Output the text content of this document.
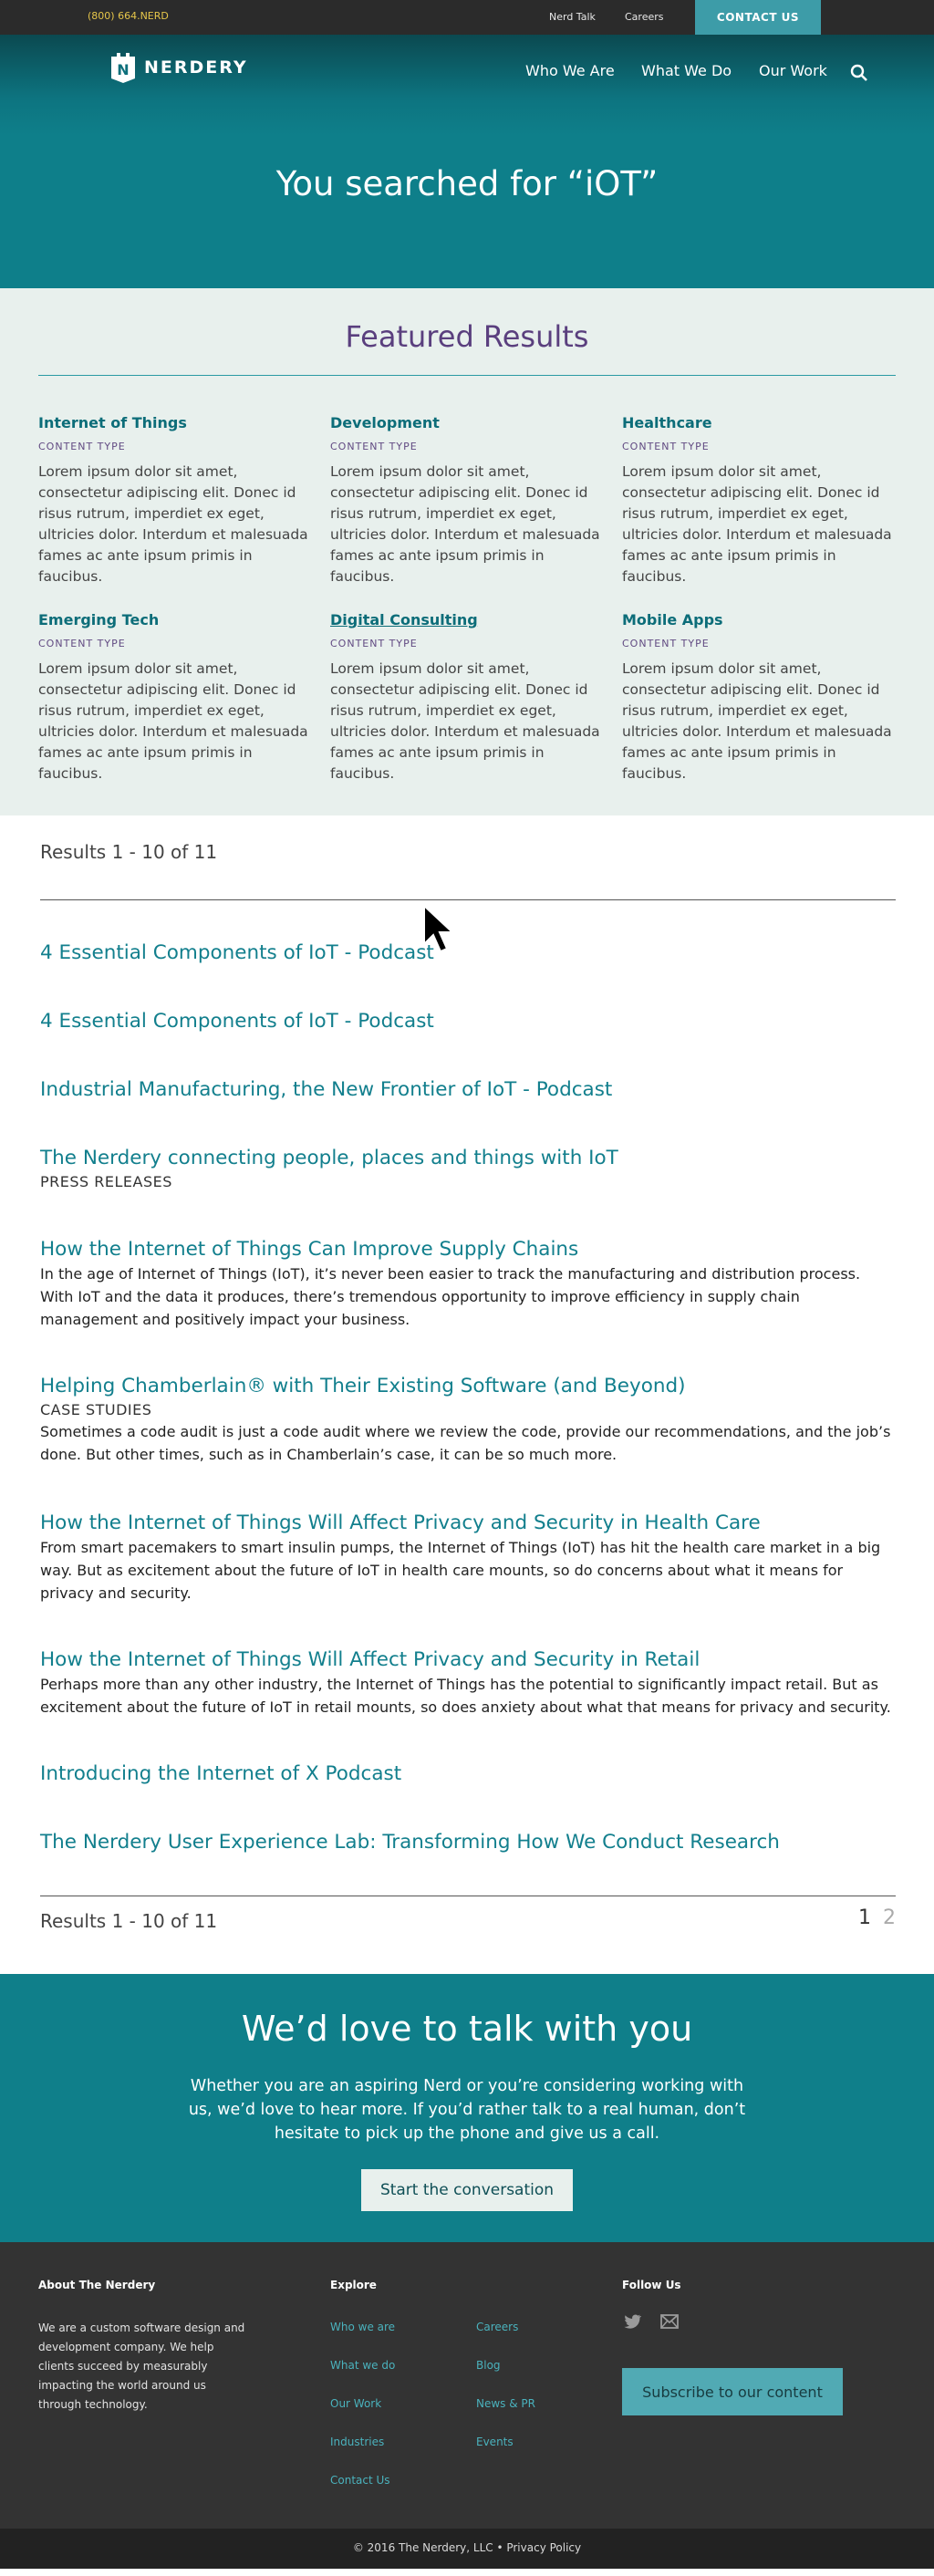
(800) 664.NERD	Nerd Talk	Careers	CONTACT US
N NERDERY	Who We Are What We Do Our Work
You searched for “iOT”
Featured Results
Internet of Things
CONTENT TYPE
Lorem ipsum dolor sit amet, consectetur adipiscing elit. Donec id risus rutrum, imperdiet ex eget, ultricies dolor. Interdum et malesuada fames ac ante ipsum primis in faucibus.
Development
CONTENT TYPE
Lorem ipsum dolor sit amet, consectetur adipiscing elit. Donec id risus rutrum, imperdiet ex eget, ultricies dolor. Interdum et malesuada fames ac ante ipsum primis in faucibus.
Healthcare
CONTENT TYPE
Lorem ipsum dolor sit amet, consectetur adipiscing elit. Donec id risus rutrum, imperdiet ex eget, ultricies dolor. Interdum et malesuada fames ac ante ipsum primis in faucibus.
Emerging Tech
CONTENT TYPE
Lorem ipsum dolor sit amet, consectetur adipiscing elit. Donec id risus rutrum, imperdiet ex eget, ultricies dolor. Interdum et malesuada fames ac ante ipsum primis in faucibus.
Digital Consulting
CONTENT TYPE
Lorem ipsum dolor sit amet, consectetur adipiscing elit. Donec id risus rutrum, imperdiet ex eget, ultricies dolor. Interdum et malesuada fames ac ante ipsum primis in faucibus.
Mobile Apps
CONTENT TYPE
Lorem ipsum dolor sit amet, consectetur adipiscing elit. Donec id risus rutrum, imperdiet ex eget, ultricies dolor. Interdum et malesuada fames ac ante ipsum primis in faucibus.
Results 1 - 10 of 11
4 Essential Components of IoT - Podcast
4 Essential Components of IoT - Podcast
Industrial Manufacturing, the New Frontier of IoT - Podcast
The Nerdery connecting people, places and things with IoT
PRESS RELEASES
How the Internet of Things Can Improve Supply Chains
In the age of Internet of Things (IoT), it’s never been easier to track the manufacturing and distribution process. With IoT and the data it produces, there’s tremendous opportunity to improve efficiency in supply chain management and positively impact your business.
Helping Chamberlain® with Their Existing Software (and Beyond)
CASE STUDIES
Sometimes a code audit is just a code audit where we review the code, provide our recommendations, and the job’s done. But other times, such as in Chamberlain’s case, it can be so much more.
How the Internet of Things Will Affect Privacy and Security in Health Care
From smart pacemakers to smart insulin pumps, the Internet of Things (IoT) has hit the health care market in a big way. But as excitement about the future of IoT in health care mounts, so do concerns about what it means for privacy and security.
How the Internet of Things Will Affect Privacy and Security in Retail
Perhaps more than any other industry, the Internet of Things has the potential to significantly impact retail. But as excitement about the future of IoT in retail mounts, so does anxiety about what that means for privacy and security.
Introducing the Internet of X Podcast
The Nerdery User Experience Lab: Transforming How We Conduct Research
Results 1 - 10 of 11	1 2
We’d love to talk with you

Whether you are an aspiring Nerd or you’re considering working with us, we’d love to hear more. If you’d rather talk to a real human, don’t hesitate to pick up the phone and give us a call.

Start the conversation
About The Nerdery
We are a custom software design and development company. We help clients succeed by measurably impacting the world around us through technology.
Explore
Who we are
What we do
Our Work
Industries
Contact Us
Careers
Blog
News & PR
Events
Follow Us
Subscribe to our content
© 2016 The Nerdery, LLC • Privacy Policy
